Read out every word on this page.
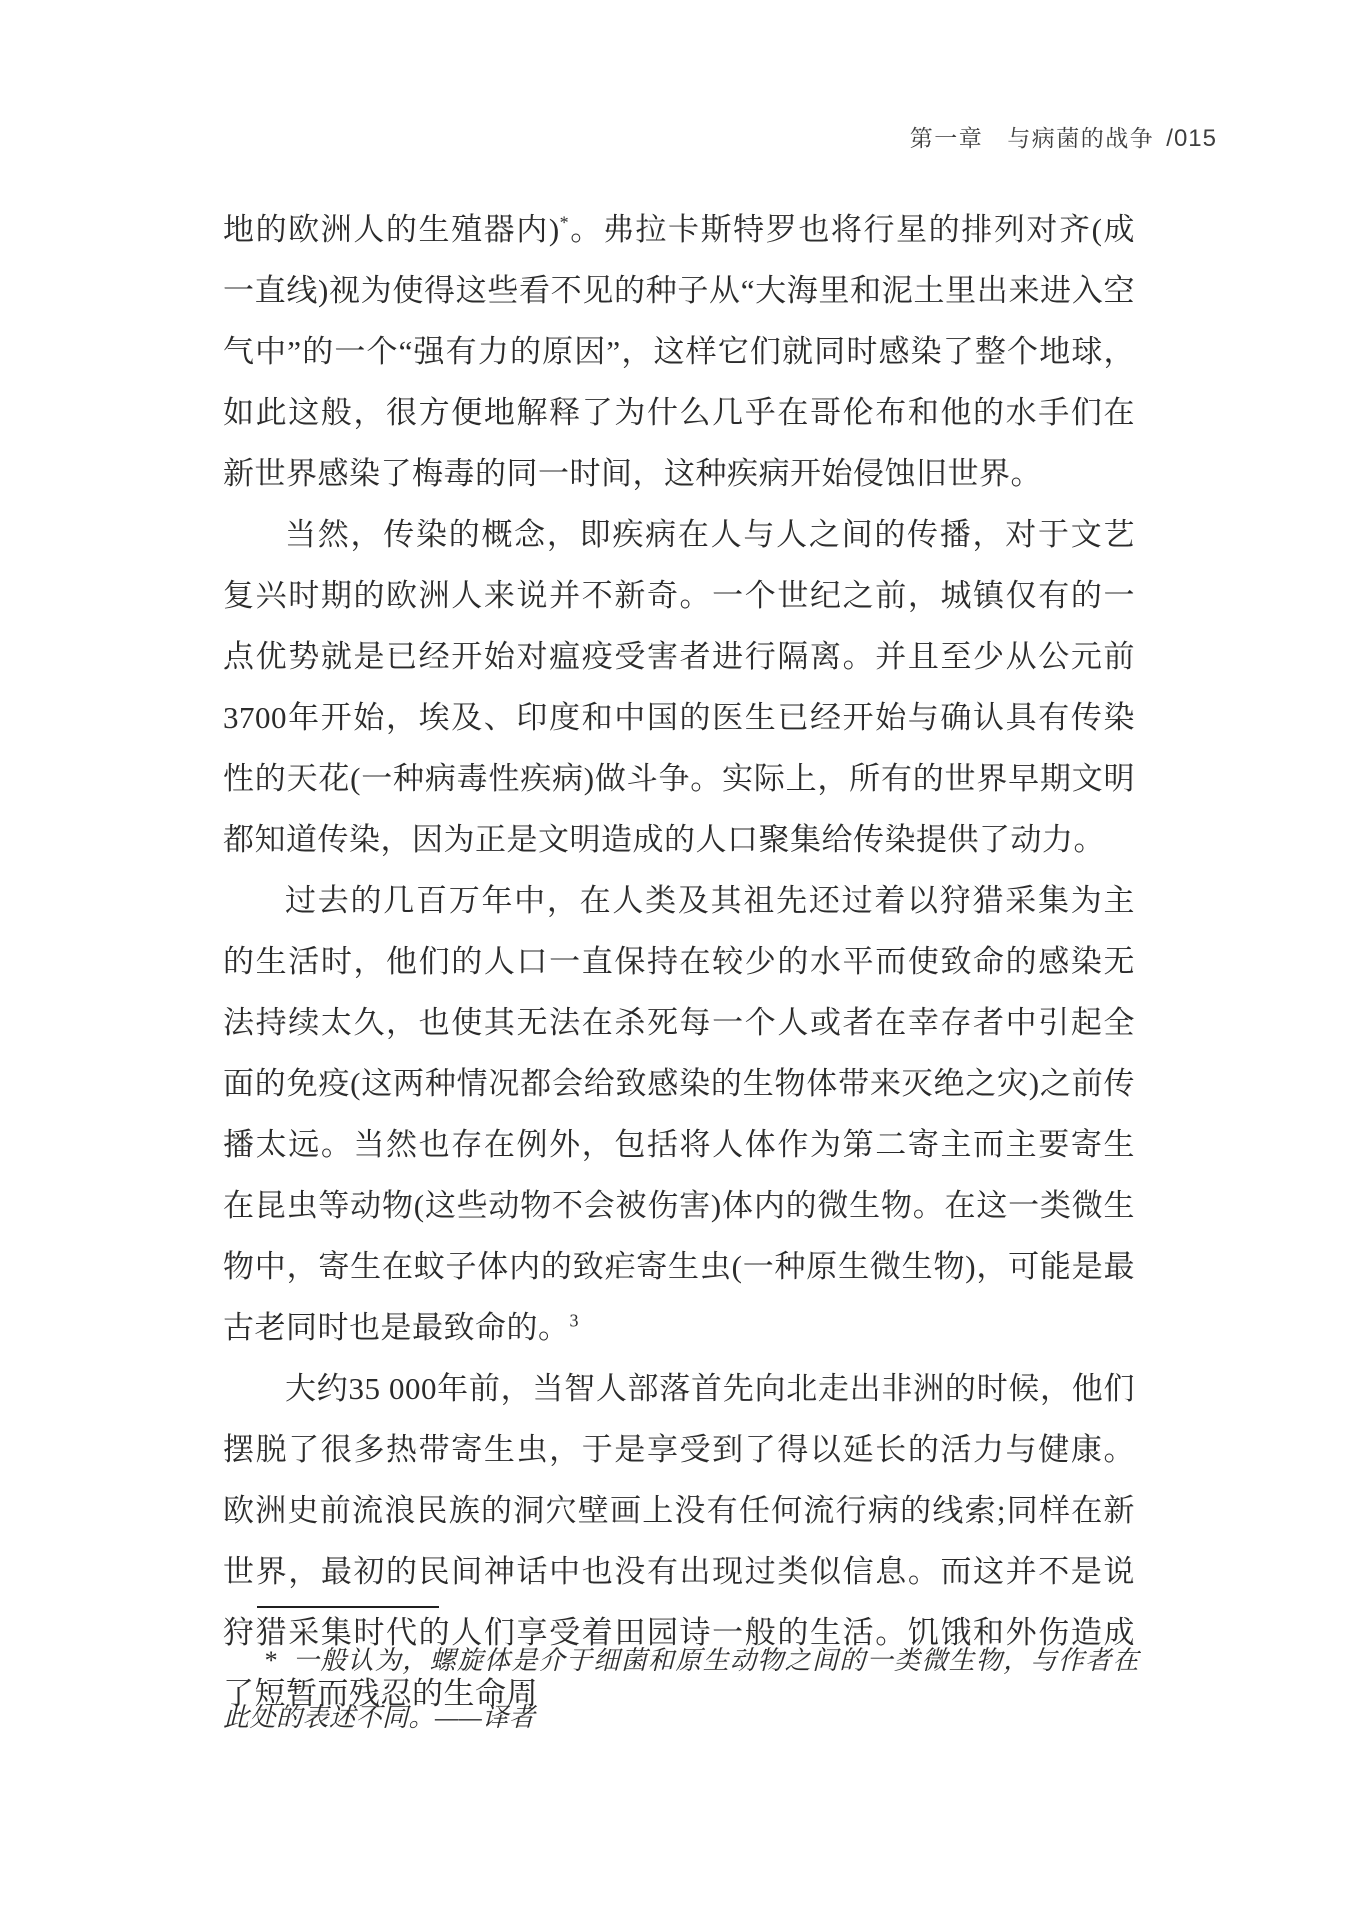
第一章 与病菌的战争 /015

地的欧洲人的生殖器内)*。弗拉卡斯特罗也将行星的排列对齐(成一直线)视为使得这些看不见的种子从“大海里和泥土里出来进入空气中”的一个“强有力的原因”，这样它们就同时感染了整个地球，如此这般，很方便地解释了为什么几乎在哥伦布和他的水手们在新世界感染了梅毒的同一时间，这种疾病开始侵蚀旧世界。

当然，传染的概念，即疾病在人与人之间的传播，对于文艺复兴时期的欧洲人来说并不新奇。一个世纪之前，城镇仅有的一点优势就是已经开始对瘟疫受害者进行隔离。并且至少从公元前3700年开始，埃及、印度和中国的医生已经开始与确认具有传染性的天花(一种病毒性疾病)做斗争。实际上，所有的世界早期文明都知道传染，因为正是文明造成的人口聚集给传染提供了动力。

过去的几百万年中，在人类及其祖先还过着以狩猎采集为主的生活时，他们的人口一直保持在较少的水平而使致命的感染无法持续太久，也使其无法在杀死每一个人或者在幸存者中引起全面的免疫(这两种情况都会给致感染的生物体带来灭绝之灾)之前传播太远。当然也存在例外，包括将人体作为第二寄主而主要寄生在昆虫等动物(这些动物不会被伤害)体内的微生物。在这一类微生物中，寄生在蚊子体内的致疟寄生虫(一种原生微生物)，可能是最古老同时也是最致命的。$^3$

大约35 000年前，当智人部落首先向北走出非洲的时候，他们摆脱了很多热带寄生虫，于是享受到了得以延长的活力与健康。欧洲史前流浪民族的洞穴壁画上没有任何流行病的线索;同样在新世界，最初的民间神话中也没有出现过类似信息。而这并不是说狩猎采集时代的人们享受着田园诗一般的生活。饥饿和外伤造成了短暂而残忍的生命周

* 一般认为，螺旋体是介于细菌和原生动物之间的一类微生物，与作者在此处的表述不同。——译者
